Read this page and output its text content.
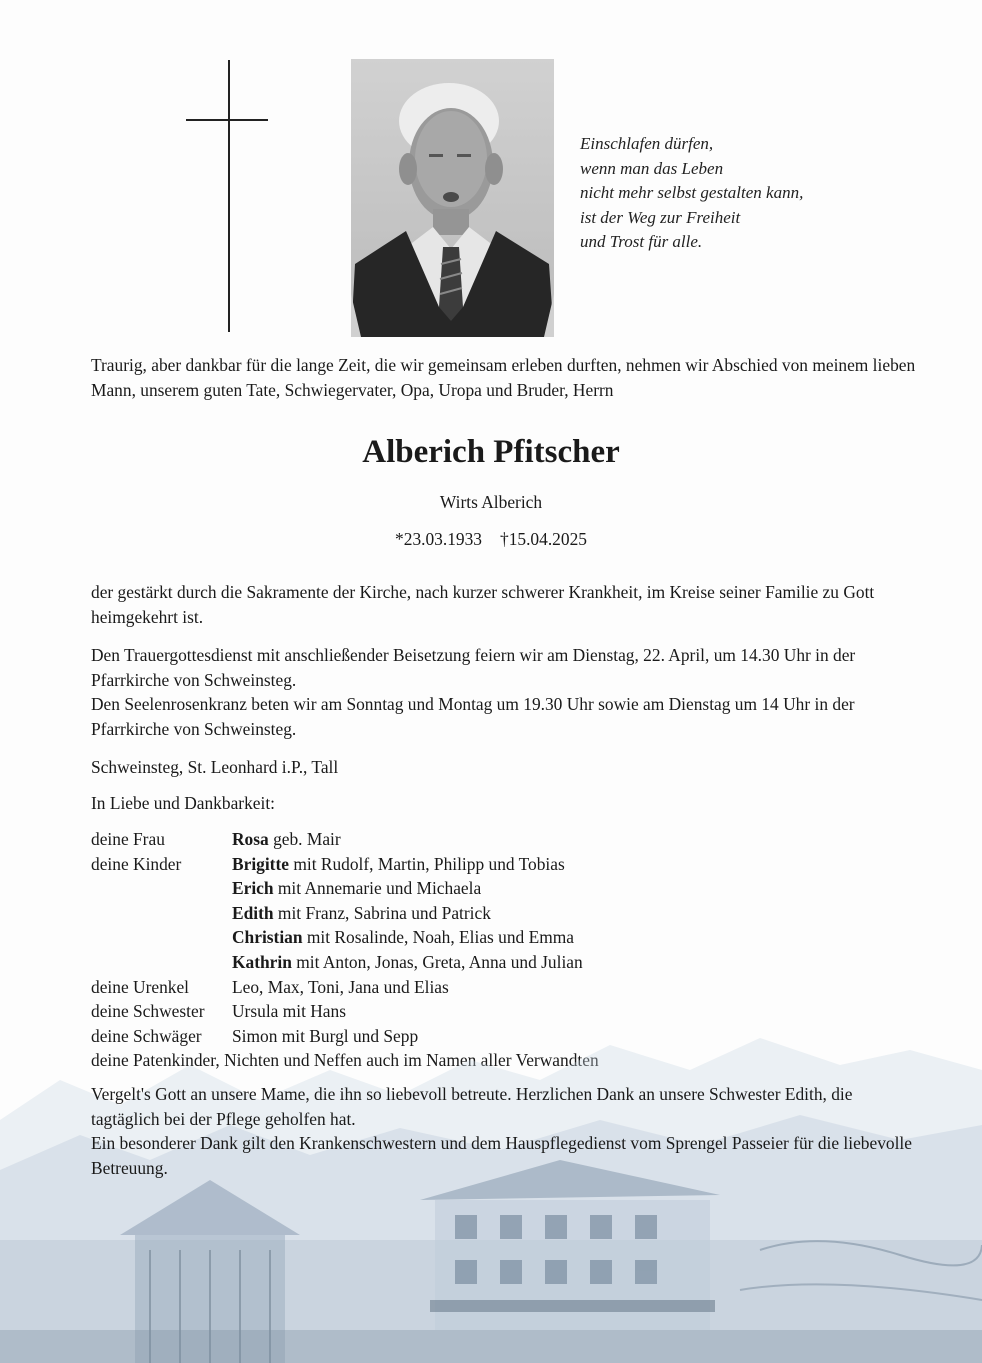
Einschlafen dürfen,
wenn man das Leben
nicht mehr selbst gestalten kann,
ist der Weg zur Freiheit
und Trost für alle.
Traurig, aber dankbar für die lange Zeit, die wir gemeinsam erleben durften, nehmen wir Abschied von meinem lieben Mann, unserem guten Tate, Schwiegervater, Opa, Uropa und Bruder, Herrn
Alberich Pfitscher
Wirts Alberich
*23.03.1933 †15.04.2025
der gestärkt durch die Sakramente der Kirche, nach kurzer schwerer Krankheit, im Kreise seiner Familie zu Gott heimgekehrt ist.
Den Trauergottesdienst mit anschließender Beisetzung feiern wir am Dienstag, 22. April, um 14.30 Uhr in der Pfarrkirche von Schweinsteg.
Den Seelenrosenkranz beten wir am Sonntag und Montag um 19.30 Uhr sowie am Dienstag um 14 Uhr in der Pfarrkirche von Schweinsteg.
Schweinsteg, St. Leonhard i.P., Tall
In Liebe und Dankbarkeit:
deine Frau	Rosa geb. Mair
deine Kinder	Brigitte mit Rudolf, Martin, Philipp und Tobias
Erich mit Annemarie und Michaela
Edith mit Franz, Sabrina und Patrick
Christian mit Rosalinde, Noah, Elias und Emma
Kathrin mit Anton, Jonas, Greta, Anna und Julian
deine Urenkel	Leo, Max, Toni, Jana und Elias
deine Schwester	Ursula mit Hans
deine Schwäger	Simon mit Burgl und Sepp
deine Patenkinder, Nichten und Neffen auch im Namen aller Verwandten
Vergelt's Gott an unsere Mame, die ihn so liebevoll betreute. Herzlichen Dank an unsere Schwester Edith, die tagtäglich bei der Pflege geholfen hat.
Ein besonderer Dank gilt den Krankenschwestern und dem Hauspflegedienst vom Sprengel Passeier für die liebevolle Betreuung.
